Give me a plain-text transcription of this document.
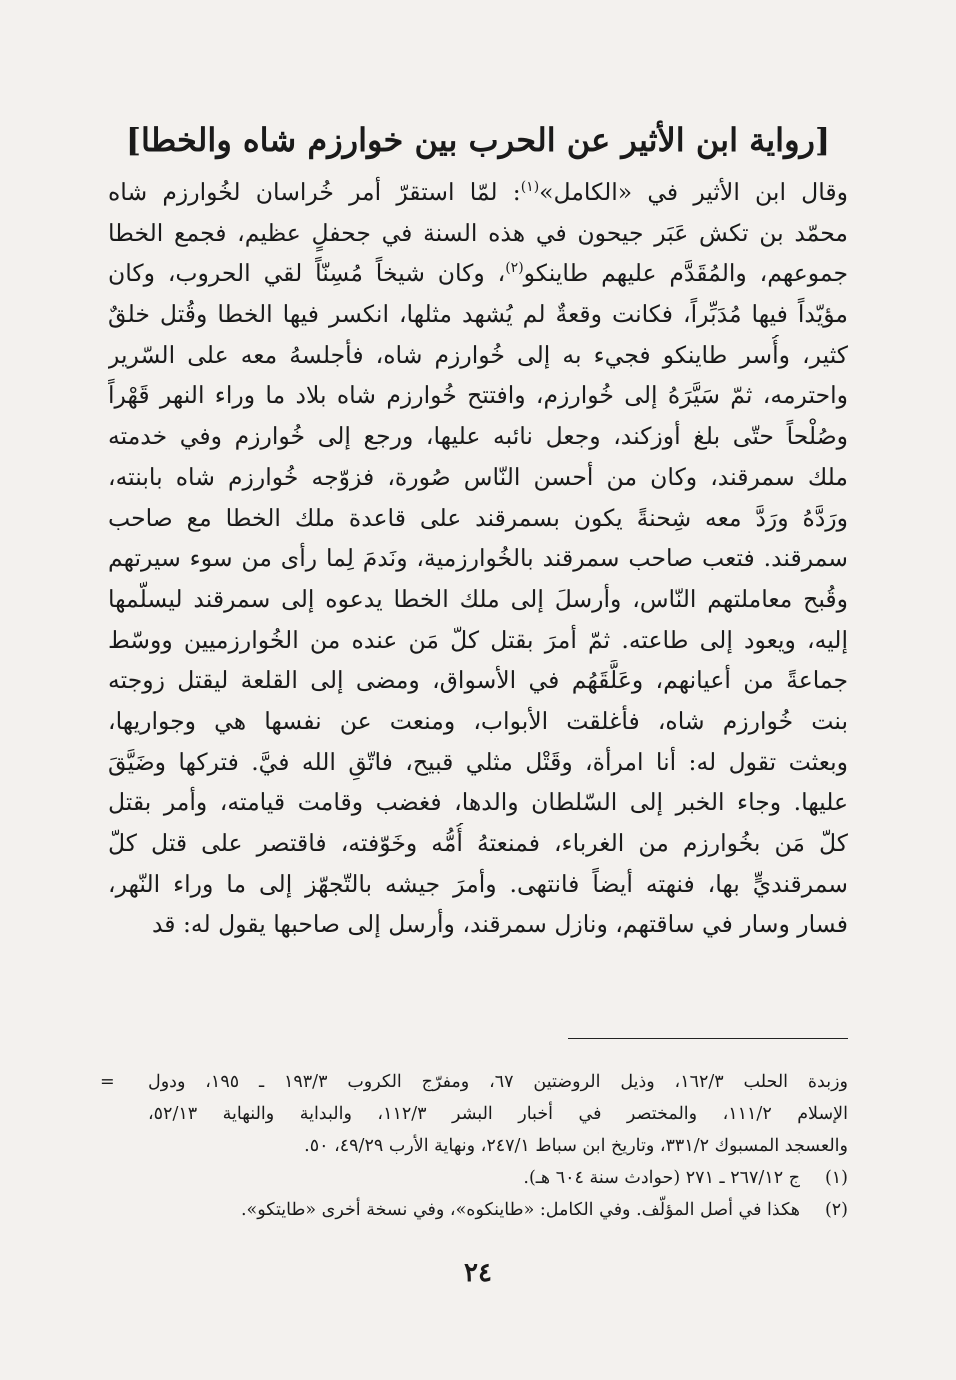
[رواية ابن الأثير عن الحرب بين خوارزم شاه والخطا]
وقال ابن الأثير في «الكامل»$^{(١)}$: لمّا استقرّ أمر خُراسان لخُوارزم شاه
محمّد بن تكش عَبَر جيحون في هذه السنة في جحفلٍ عظيم، فجمع الخطا
جموعهم، والمُقَدَّم عليهم طاينكو$^{(٢)}$، وكان شيخاً مُسِنّاً لقي الحروب، وكان
مؤيّداً فيها مُدَبِّراً، فكانت وقعةٌ لم يُشهد مثلها، انكسر فيها الخطا وقُتل خلقٌ
كثير، وأُسر طاينكو فجيء به إلى خُوارزم شاه، فأجلسهُ معه على السّرير
واحترمه، ثمّ سَيَّرَهُ إلى خُوارزم، وافتتح خُوارزم شاه بلاد ما وراء النهر قَهْراً
وصُلْحاً حتّى بلغ أوزكند، وجعل نائبه عليها، ورجع إلى خُوارزم وفي خدمته
ملك سمرقند، وكان من أحسن النّاس صُورة، فزوّجه خُوارزم شاه بابنته،
ورَدَّهُ ورَدَّ معه شِحنةً يكون بسمرقند على قاعدة ملك الخطا مع صاحب
سمرقند. فتعب صاحب سمرقند بالخُوارزمية، ونَدمَ لِما رأى من سوء سيرتهم
وقُبح معاملتهم النّاس، وأرسلَ إلى ملك الخطا يدعوه إلى سمرقند ليسلّمها
إليه، ويعود إلى طاعته. ثمّ أمرَ بقتل كلّ مَن عنده من الخُوارزميين ووسّط
جماعةً من أعيانهم، وعَلَّقَهُم في الأسواق، ومضى إلى القلعة ليقتل زوجته
بنت خُوارزم شاه، فأغلقت الأبواب، ومنعت عن نفسها هي وجواريها،
وبعثت تقول له: أنا امرأة، وقَتْل مثلي قبيح، فاتّقِ الله فيَّ. فتركها وضَيَّقَ
عليها. وجاء الخبر إلى السّلطان والدها، فغضب وقامت قيامته، وأمر بقتل
كلّ مَن بخُوارزم من الغرباء، فمنعتهُ أُمُّه وخَوّفته، فاقتصر على قتل كلّ
سمرقنديٍّ بها، فنهته أيضاً فانتهى. وأمرَ جيشه بالتّجهّز إلى ما وراء النّهر،
فسار وسار في ساقتهم، ونازل سمرقند، وأرسل إلى صاحبها يقول له: قد
وزبدة الحلب ١٦٢/٣، وذيل الروضتين ٦٧، ومفرّج الكروب ١٩٣/٣ ـ ١٩٥، ودول
=
الإسلام ١١١/٢، والمختصر في أخبار البشر ١١٢/٣، والبداية والنهاية ٥٢/١٣،
والعسجد المسبوك ٣٣١/٢، وتاريخ ابن سباط ٢٤٧/١، ونهاية الأرب ٤٩/٢٩، ٥٠.
(١)
ج ٢٦٧/١٢ ـ ٢٧١ (حوادث سنة ٦٠٤ هـ).
(٢)
هكذا في أصل المؤلّف. وفي الكامل: «طاينكوه»، وفي نسخة أخرى «طايتكو».
٢٤
